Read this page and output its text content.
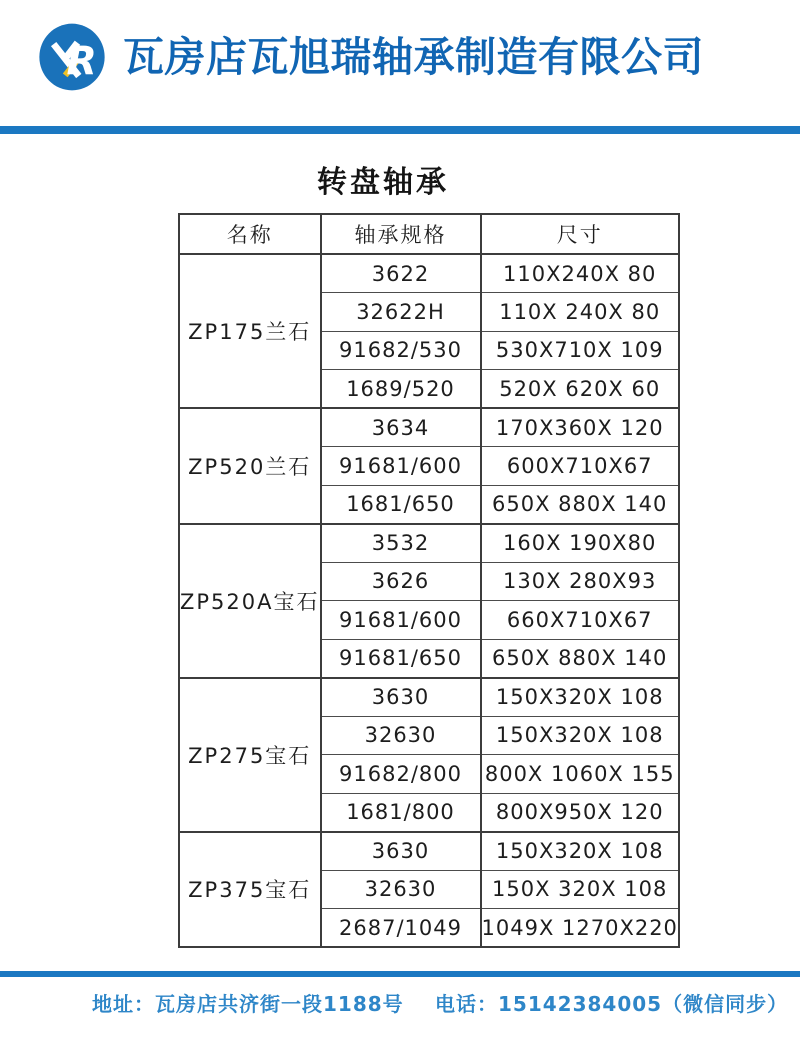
R 瓦房店瓦旭瑞轴承制造有限公司
转盘轴承
名称	轴承规格	尺寸
ZP175兰石	3622	110X240X 80
	32622H	110X 240X 80
	91682/530	530X710X 109
	1689/520	520X 620X 60
ZP520兰石	3634	170X360X 120
	91681/600	600X710X67
	1681/650	650X 880X 140
ZP520A宝石	3532	160X 190X80
	3626	130X 280X93
	91681/600	660X710X67
	91681/650	650X 880X 140
ZP275宝石	3630	150X320X 108
	32630	150X320X 108
	91682/800	800X 1060X 155
	1681/800	800X950X 120
ZP375宝石	3630	150X320X 108
	32630	150X 320X 108
	2687/1049	1049X 1270X220
地址：瓦房店共济街一段1188号 电话：15142384005（微信同步）
